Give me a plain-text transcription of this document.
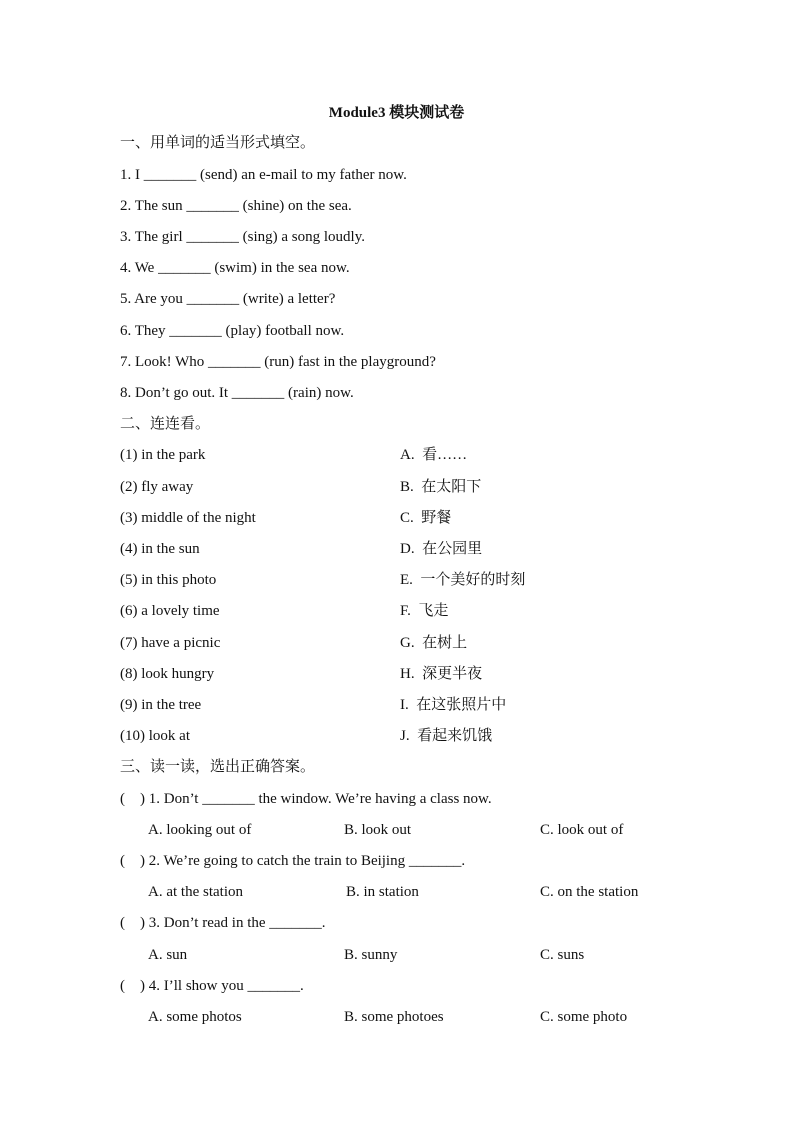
Module3 模块测试卷
一、用单词的适当形式填空。
1. I _______ (send) an e-mail to my father now.
2. The sun _______ (shine) on the sea.
3. The girl _______ (sing) a song loudly.
4. We _______ (swim) in the sea now.
5. Are you _______ (write) a letter?
6. They _______ (play) football now.
7. Look! Who _______ (run) fast in the playground?
8. Don’t go out. It _______ (rain) now.
二、连连看。
(1) in the park	A.  看……
(2) fly away	B.  在太阳下
(3) middle of the night	C.  野餐
(4) in the sun	D.  在公园里
(5) in this photo	E.  一个美好的时刻
(6) a lovely time	F.  飞走
(7) have a picnic	G.  在树上
(8) look hungry	H.  深更半夜
(9) in the tree	I.  在这张照片中
(10) look at	J.  看起来饥饿
三、读一读，选出正确答案。
(    ) 1. Don’t _______ the window. We’re having a class now.
A. looking out of	B. look out	C. look out of
(    ) 2. We’re going to catch the train to Beijing _______.
A. at the station	B. in station	C. on the station
(    ) 3. Don’t read in the _______.
A. sun	B. sunny	C. suns
(    ) 4. I’ll show you _______.
A. some photos	B. some photoes	C. some photo
